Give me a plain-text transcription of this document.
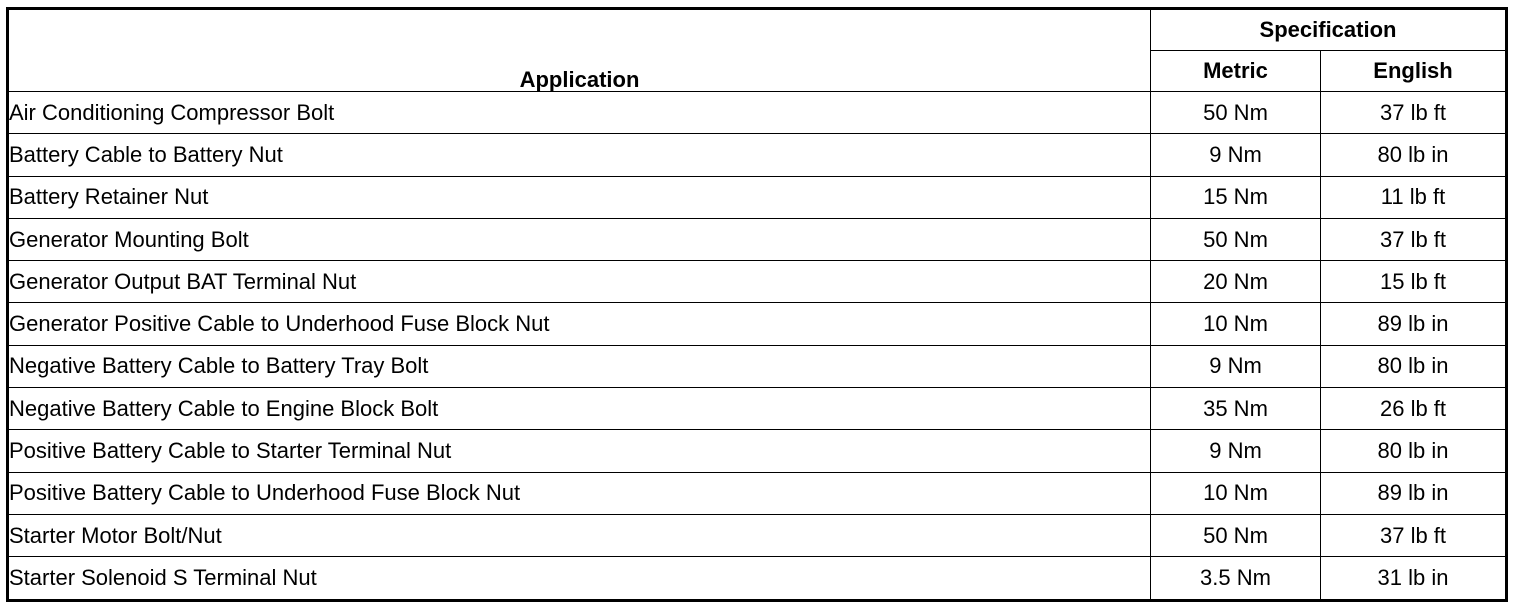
Application	Specification	
	Metric	English
Air Conditioning Compressor Bolt	50 Nm	37 lb ft
Battery Cable to Battery Nut	9 Nm	80 lb in
Battery Retainer Nut	15 Nm	11 lb ft
Generator Mounting Bolt	50 Nm	37 lb ft
Generator Output BAT Terminal Nut	20 Nm	15 lb ft
Generator Positive Cable to Underhood Fuse Block Nut	10 Nm	89 lb in
Negative Battery Cable to Battery Tray Bolt	9 Nm	80 lb in
Negative Battery Cable to Engine Block Bolt	35 Nm	26 lb ft
Positive Battery Cable to Starter Terminal Nut	9 Nm	80 lb in
Positive Battery Cable to Underhood Fuse Block Nut	10 Nm	89 lb in
Starter Motor Bolt/Nut	50 Nm	37 lb ft
Starter Solenoid S Terminal Nut	3.5 Nm	31 lb in
